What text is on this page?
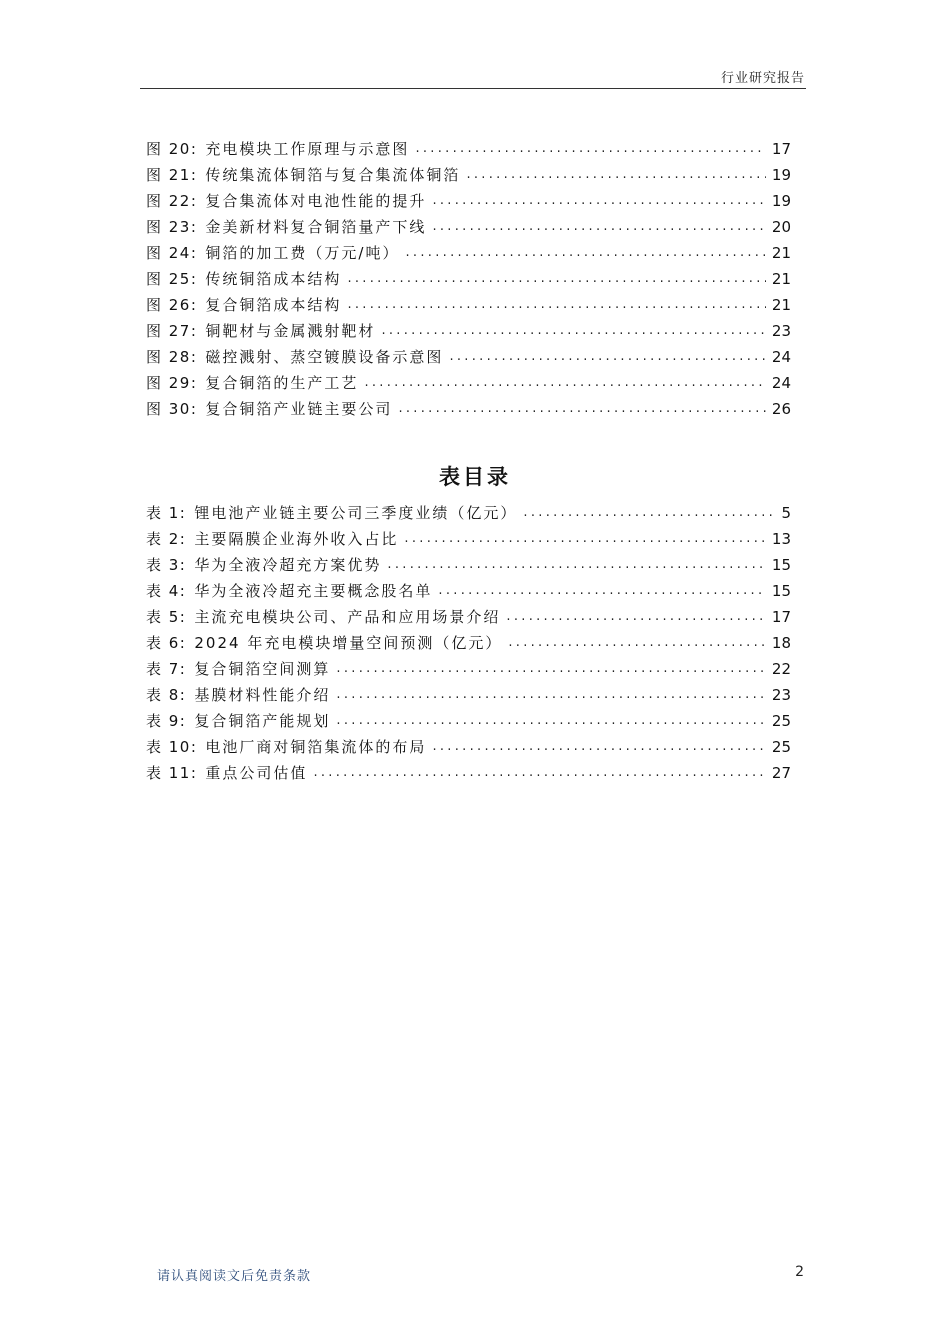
行业研究报告
图 20: 充电模块工作原理与示意图 .....	17
图 21: 传统集流体铜箔与复合集流体铜箔 .....	19
图 22: 复合集流体对电池性能的提升 .....	19
图 23: 金美新材料复合铜箔量产下线 .....	20
图 24: 铜箔的加工费（万元/吨） .....	21
图 25: 传统铜箔成本结构 .....	21
图 26: 复合铜箔成本结构 .....	21
图 27: 铜靶材与金属溅射靶材 .....	23
图 28: 磁控溅射、蒸空镀膜设备示意图 .....	24
图 29: 复合铜箔的生产工艺 .....	24
图 30: 复合铜箔产业链主要公司 .....	26
表目录
表 1: 锂电池产业链主要公司三季度业绩（亿元） .....	5
表 2: 主要隔膜企业海外收入占比 .....	13
表 3: 华为全液冷超充方案优势 .....	15
表 4: 华为全液冷超充主要概念股名单 .....	15
表 5: 主流充电模块公司、产品和应用场景介绍 .....	17
表 6: 2024 年充电模块增量空间预测（亿元） .....	18
表 7: 复合铜箔空间测算 .....	22
表 8: 基膜材料性能介绍 .....	23
表 9: 复合铜箔产能规划 .....	25
表 10: 电池厂商对铜箔集流体的布局 .....	25
表 11: 重点公司估值 .....	27
请认真阅读文后免责条款	2
